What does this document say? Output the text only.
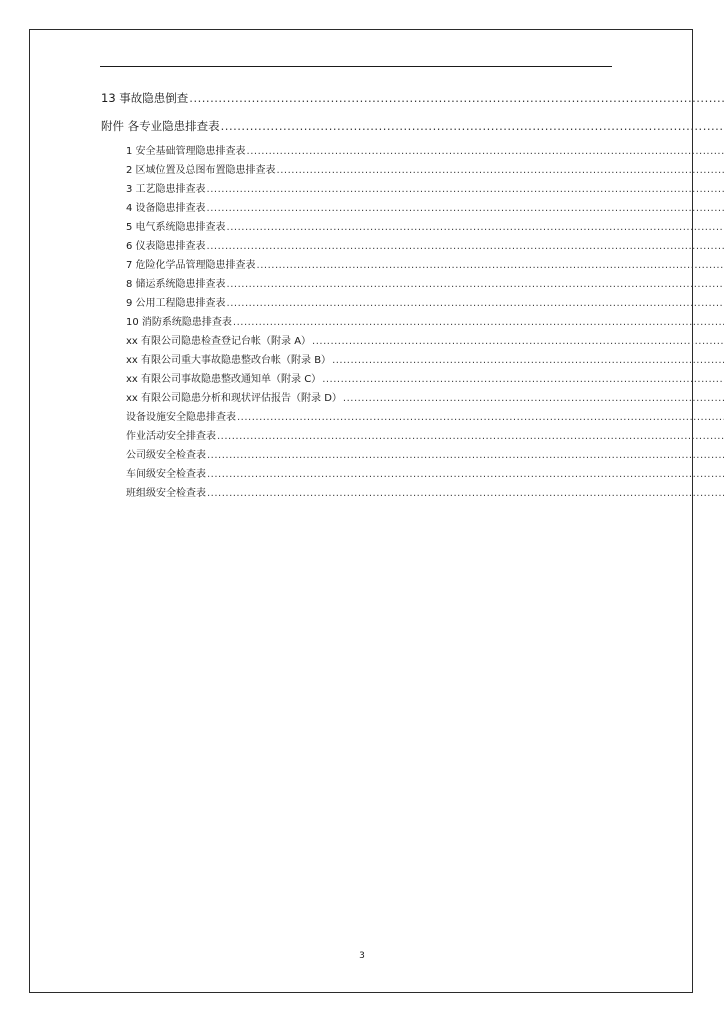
13 事故隐患倒查
.....
附件 各专业隐患排查表
.....
1 安全基础管理隐患排查表
.....
2 区域位置及总图布置隐患排查表
.....
3 工艺隐患排查表
.....
4 设备隐患排查表
.....
5 电气系统隐患排查表
.....
6 仪表隐患排查表
.....
7 危险化学品管理隐患排查表
.....
8 储运系统隐患排查表
.....
9 公用工程隐患排查表
.....
10 消防系统隐患排查表
.....
xx 有限公司隐患检查登记台帐（附录 A）
.....
xx 有限公司重大事故隐患整改台帐（附录 B）
.....
xx 有限公司事故隐患整改通知单（附录 C）
.....
xx 有限公司隐患分析和现状评估报告（附录 D）
.....
设备设施安全隐患排查表
.....
作业活动安全排查表
.....
公司级安全检查表
.....
车间级安全检查表
.....
班组级安全检查表
.....
3
